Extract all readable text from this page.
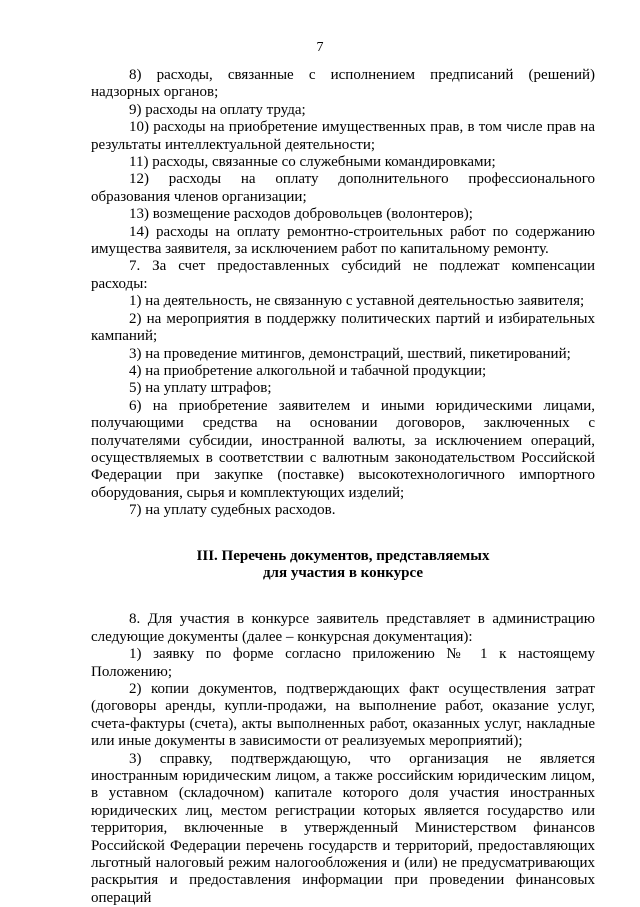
7

8) расходы, связанные с исполнением предписаний (решений) надзорных органов;

9) расходы на оплату труда;

10) расходы на приобретение имущественных прав, в том числе прав на результаты интеллектуальной деятельности;

11) расходы, связанные со служебными командировками;

12) расходы на оплату дополнительного профессионального образования членов организации;

13) возмещение расходов добровольцев (волонтеров);

14) расходы на оплату ремонтно-строительных работ по содержанию имущества заявителя, за исключением работ по капитальному ремонту.

7. За счет предоставленных субсидий не подлежат компенсации расходы:

1) на деятельность, не связанную с уставной деятельностью заявителя;

2) на мероприятия в поддержку политических партий и избирательных кампаний;

3) на проведение митингов, демонстраций, шествий, пикетирований;

4) на приобретение алкогольной и табачной продукции;

5) на уплату штрафов;

6) на приобретение заявителем и иными юридическими лицами, получающими средства на основании договоров, заключенных с получателями субсидии, иностранной валюты, за исключением операций, осуществляемых в соответствии с валютным законодательством Российской Федерации при закупке (поставке) высокотехнологичного импортного оборудования, сырья и комплектующих изделий;

7) на уплату судебных расходов.

III. Перечень документов, представляемых
для участия в конкурсе

8. Для участия в конкурсе заявитель представляет в администрацию следующие документы (далее – конкурсная документация):

1) заявку по форме согласно приложению № 1 к настоящему Положению;

2) копии документов, подтверждающих факт осуществления затрат (договоры аренды, купли-продажи, на выполнение работ, оказание услуг, счета-фактуры (счета), акты выполненных работ, оказанных услуг, накладные или иные документы в зависимости от реализуемых мероприятий);

3) справку, подтверждающую, что организация не является иностранным юридическим лицом, а также российским юридическим лицом, в уставном (складочном) капитале которого доля участия иностранных юридических лиц, местом регистрации которых является государство или территория, включенные в утвержденный Министерством финансов Российской Федерации перечень государств и территорий, предоставляющих льготный налоговый режим налогообложения и (или) не предусматривающих раскрытия и предоставления информации при проведении финансовых операций
